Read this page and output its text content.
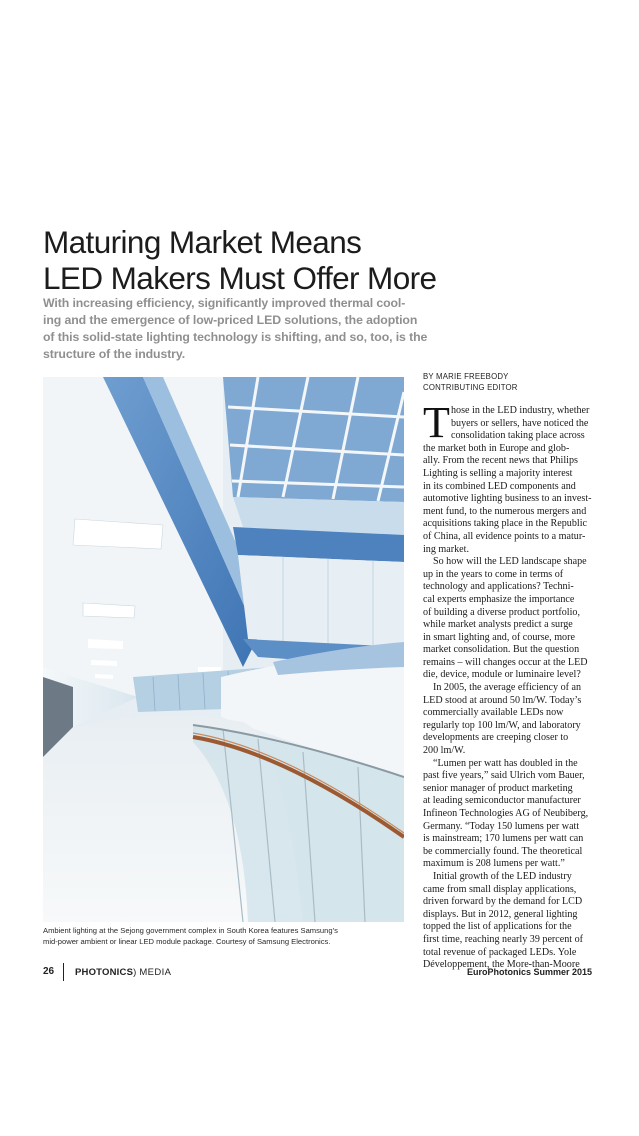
Maturing Market Means
LED Makers Must Offer More
With increasing efficiency, significantly improved thermal cool-
ing and the emergence of low-priced LED solutions, the adoption
of this solid-state lighting technology is shifting, and so, too, is the
structure of the industry.
Ambient lighting at the Sejong government complex in South Korea features Samsung’s
mid-power ambient or linear LED module package. Courtesy of Samsung Electronics.
BY MARIE FREEBODY
CONTRIBUTING EDITOR
T hose in the LED industry, whether
buyers or sellers, have noticed the
consolidation taking place across
the market both in Europe and glob-
ally. From the recent news that Philips
Lighting is selling a majority interest
in its combined LED components and
automotive lighting business to an invest-
ment fund, to the numerous mergers and
acquisitions taking place in the Republic
of China, all evidence points to a matur-
ing market.
So how will the LED landscape shape
up in the years to come in terms of
technology and applications? Techni-
cal experts emphasize the importance
of building a diverse product portfolio,
while market analysts predict a surge
in smart lighting and, of course, more
market consolidation. But the question
remains – will changes occur at the LED
die, device, module or luminaire level?
In 2005, the average efficiency of an
LED stood at around 50 lm/W. Today’s
commercially available LEDs now
regularly top 100 lm/W, and laboratory
developments are creeping closer to
200 lm/W.
“Lumen per watt has doubled in the
past five years,” said Ulrich vom Bauer,
senior manager of product marketing
at leading semiconductor manufacturer
Infineon Technologies AG of Neubiberg,
Germany. “Today 150 lumens per watt
is mainstream; 170 lumens per watt can
be commercially found. The theoretical
maximum is 208 lumens per watt.”
Initial growth of the LED industry
came from small display applications,
driven forward by the demand for LCD
displays. But in 2012, general lighting
topped the list of applications for the
first time, reaching nearly 39 percent of
total revenue of packaged LEDs. Yole
Développement, the More-than-Moore
26 PHOTONICS) MEDIA	EuroPhotonics Summer 2015
